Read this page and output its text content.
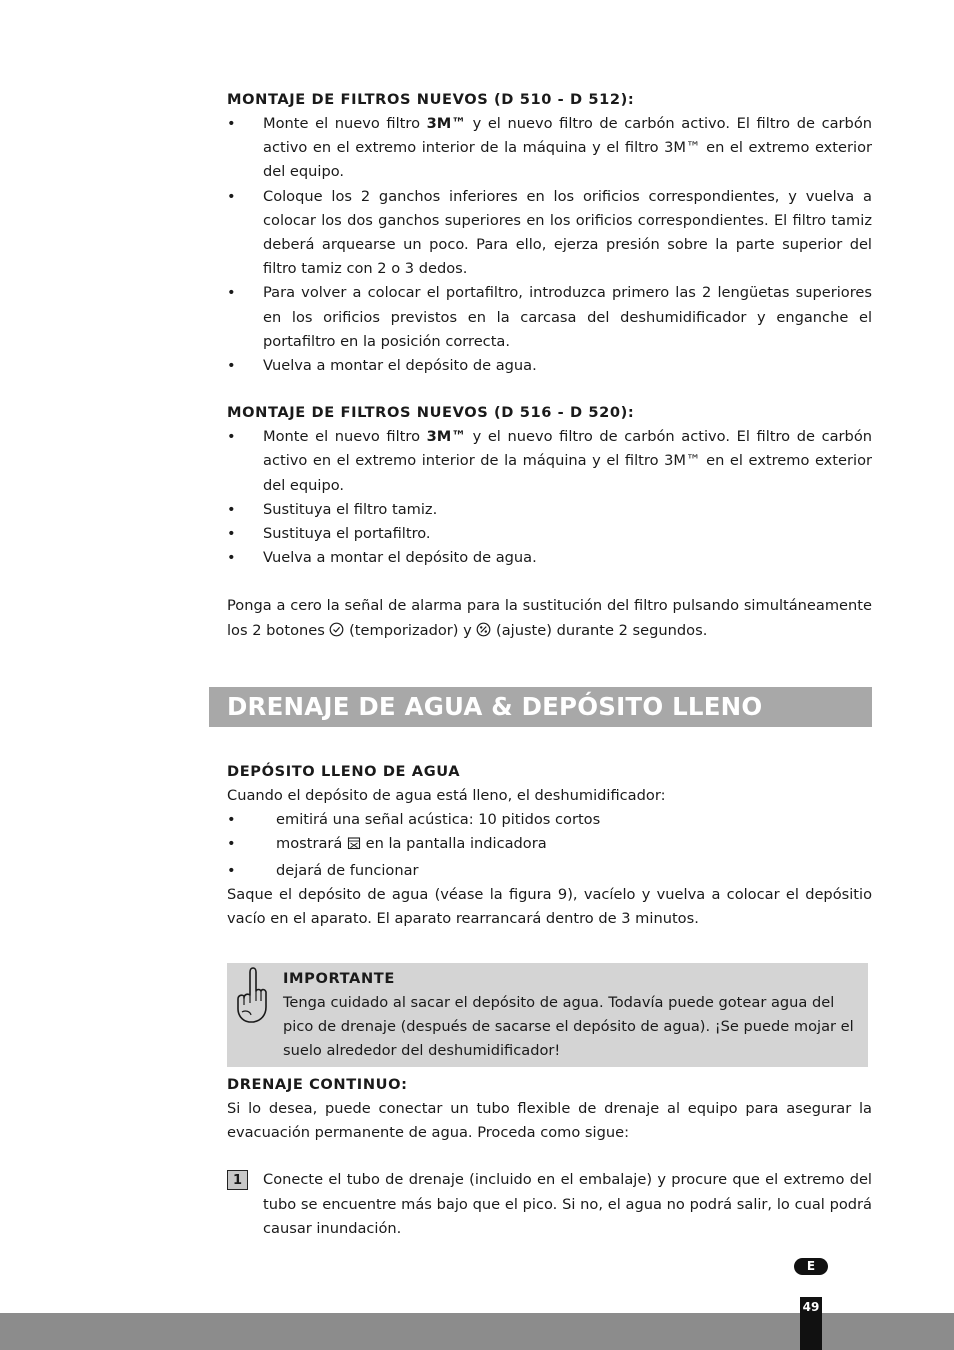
MONTAJE DE FILTROS NUEVOS (D 510 - D 512):

• Monte el nuevo filtro 3M™ y el nuevo filtro de carbón activo. El filtro de carbón activo en el extremo interior de la máquina y el filtro 3M™ en el extremo exterior del equipo.
• Coloque los 2 ganchos inferiores en los orificios correspondientes, y vuelva a colocar los dos ganchos superiores en los orificios correspondientes. El filtro tamiz deberá arquearse un poco. Para ello, ejerza presión sobre la parte superior del filtro tamiz con 2 o 3 dedos.
• Para volver a colocar el portafiltro, introduzca primero las 2 lengüetas superiores en los orificios previstos en la carcasa del deshumidificador y enganche el portafiltro en la posición correcta.
• Vuelva a montar el depósito de agua.

MONTAJE DE FILTROS NUEVOS (D 516 - D 520):

• Monte el nuevo filtro 3M™ y el nuevo filtro de carbón activo. El filtro de carbón activo en el extremo interior de la máquina y el filtro 3M™ en el extremo exterior del equipo.
• Sustituya el filtro tamiz.
• Sustituya el portafiltro.
• Vuelva a montar el depósito de agua.

Ponga a cero la señal de alarma para la sustitución del filtro pulsando simultáneamente los 2 botones  (temporizador) y  (ajuste) durante 2 segundos.

DRENAJE DE AGUA & DEPÓSITO LLENO

DEPÓSITO LLENO DE AGUA

Cuando el depósito de agua está lleno, el deshumidificador:

•	emitirá una señal acústica: 10 pitidos cortos
•	mostrará  en la pantalla indicadora
•	dejará de funcionar

Saque el depósito de agua (véase la figura 9), vacíelo y vuelva a colocar el depósitio vacío en el aparato. El aparato rearrancará dentro de 3 minutos.

IMPORTANTE

Tenga cuidado al sacar el depósito de agua. Todavía puede gotear agua del pico de drenaje (después de sacarse el depósito de agua). ¡Se puede mojar el suelo alrededor del deshumidificador!

DRENAJE CONTINUO:

Si lo desea, puede conectar un tubo flexible de drenaje al equipo para asegurar la evacuación permanente de agua. Proceda como sigue:

1	Conecte el tubo de drenaje (incluido en el embalaje) y procure que el extremo del tubo se encuentre más bajo que el pico. Si no, el agua no podrá salir, lo cual podrá causar inundación.
E
49
